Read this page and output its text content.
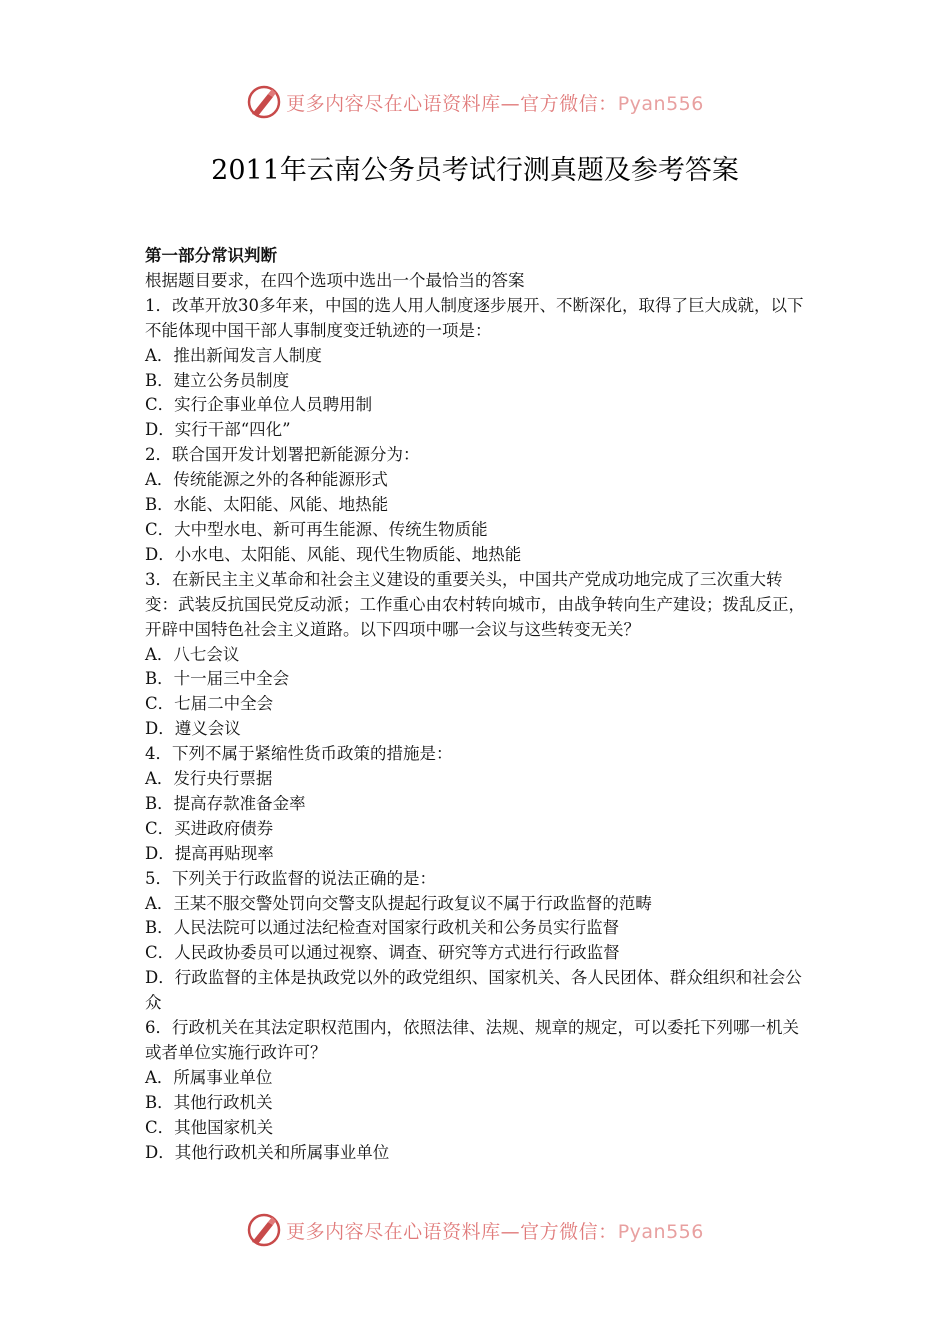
更多内容尽在心语资料库—官方微信：Pyan556
2011年云南公务员考试行测真题及参考答案

第一部分常识判断

根据题目要求，在四个选项中选出一个最恰当的答案

1．改革开放30多年来，中国的选人用人制度逐步展开、不断深化，取得了巨大成就，以下不能体现中国干部人事制度变迁轨迹的一项是：

A．推出新闻发言人制度

B．建立公务员制度

C．实行企事业单位人员聘用制

D．实行干部“四化”

2．联合国开发计划署把新能源分为：

A．传统能源之外的各种能源形式

B．水能、太阳能、风能、地热能

C．大中型水电、新可再生能源、传统生物质能

D．小水电、太阳能、风能、现代生物质能、地热能

3．在新民主主义革命和社会主义建设的重要关头，中国共产党成功地完成了三次重大转变：武装反抗国民党反动派；工作重心由农村转向城市，由战争转向生产建设；拨乱反正，开辟中国特色社会主义道路。以下四项中哪一会议与这些转变无关？

A．八七会议

B．十一届三中全会

C．七届二中全会

D．遵义会议

4．下列不属于紧缩性货币政策的措施是：

A．发行央行票据

B．提高存款准备金率

C．买进政府债券

D．提高再贴现率

5．下列关于行政监督的说法正确的是：

A．王某不服交警处罚向交警支队提起行政复议不属于行政监督的范畴

B．人民法院可以通过法纪检查对国家行政机关和公务员实行监督

C．人民政协委员可以通过视察、调查、研究等方式进行行政监督

D．行政监督的主体是执政党以外的政党组织、国家机关、各人民团体、群众组织和社会公众

6．行政机关在其法定职权范围内，依照法律、法规、规章的规定，可以委托下列哪一机关或者单位实施行政许可？

A．所属事业单位

B．其他行政机关

C．其他国家机关

D．其他行政机关和所属事业单位

更多内容尽在心语资料库—官方微信：Pyan556
